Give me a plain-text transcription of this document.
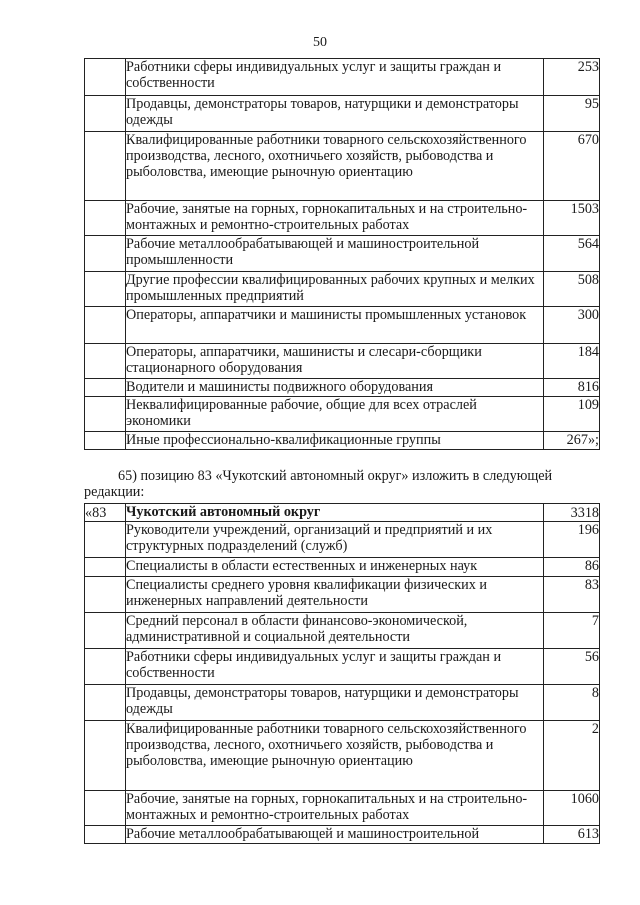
50
	Работники сферы индивидуальных услуг и защиты граждан и собственности	253
	Продавцы, демонстраторы товаров, натурщики и демонстраторы одежды	95
	Квалифицированные работники товарного сельскохозяйственного производства, лесного, охотничьего хозяйств, рыбоводства и рыболовства, имеющие рыночную ориентацию	670
	Рабочие, занятые на горных, горнокапитальных и на строительно-монтажных и ремонтно-строительных работах	1503
	Рабочие металлообрабатывающей и машиностроительной промышленности	564
	Другие профессии квалифицированных рабочих крупных и мелких промышленных предприятий	508
	Операторы, аппаратчики и машинисты промышленных установок	300
	Операторы, аппаратчики, машинисты и слесари-сборщики стационарного оборудования	184
	Водители и машинисты подвижного оборудования	816
	Неквалифицированные рабочие, общие для всех отраслей экономики	109
	Иные профессионально-квалификационные группы	267»;
65) позицию 83 «Чукотский автономный округ» изложить в следующей редакции:
«83	Чукотский автономный округ	3318
	Руководители учреждений, организаций и предприятий и их структурных подразделений (служб)	196
	Специалисты в области естественных и инженерных наук	86
	Специалисты среднего уровня квалификации физических и инженерных направлений деятельности	83
	Средний персонал в области финансово-экономической, административной и социальной деятельности	7
	Работники сферы индивидуальных услуг и защиты граждан и собственности	56
	Продавцы, демонстраторы товаров, натурщики и демонстраторы одежды	8
	Квалифицированные работники товарного сельскохозяйственного производства, лесного, охотничьего хозяйств, рыбоводства и рыболовства, имеющие рыночную ориентацию	2
	Рабочие, занятые на горных, горнокапитальных и на строительно-монтажных и ремонтно-строительных работах	1060
	Рабочие металлообрабатывающей и машиностроительной	613
